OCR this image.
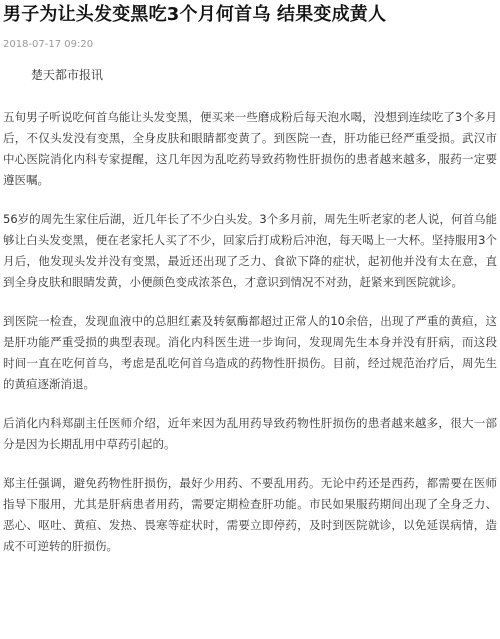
男子为让头发变黑吃3个月何首乌 结果变成黄人
2018-07-17 09:20
楚天都市报讯

五旬男子听说吃何首乌能让头发变黑，便买来一些磨成粉后每天泡水喝，没想到连续吃了3个多月后，不仅头发没有变黑，全身皮肤和眼睛都变黄了。到医院一查，肝功能已经严重受损。武汉市中心医院消化内科专家提醒，这几年因为乱吃药导致药物性肝损伤的患者越来越多，服药一定要遵医嘱。

56岁的周先生家住后湖，近几年长了不少白头发。3个多月前，周先生听老家的老人说，何首乌能够让白头发变黑，便在老家托人买了不少，回家后打成粉后冲泡，每天喝上一大杯。坚持服用3个月后，他发现头发并没有变黑，最近还出现了乏力、食欲下降的症状，起初他并没有太在意，直到全身皮肤和眼睛发黄，小便颜色变成浓茶色，才意识到情况不对劲，赶紧来到医院就诊。

到医院一检查，发现血液中的总胆红素及转氨酶都超过正常人的10余倍，出现了严重的黄疸，这是肝功能严重受损的典型表现。消化内科医生进一步询问，发现周先生本身并没有肝病，而这段时间一直在吃何首乌，考虑是乱吃何首乌造成的药物性肝损伤。目前，经过规范治疗后，周先生的黄疸逐渐消退。

后消化内科郑副主任医师介绍，近年来因为乱用药导致药物性肝损伤的患者越来越多，很大一部分是因为长期乱用中草药引起的。

郑主任强调，避免药物性肝损伤，最好少用药、不要乱用药。无论中药还是西药，都需要在医师指导下服用，尤其是肝病患者用药，需要定期检查肝功能。市民如果服药期间出现了全身乏力、恶心、呕吐、黄疸、发热、畏寒等症状时，需要立即停药，及时到医院就诊，以免延误病情，造成不可逆转的肝损伤。
